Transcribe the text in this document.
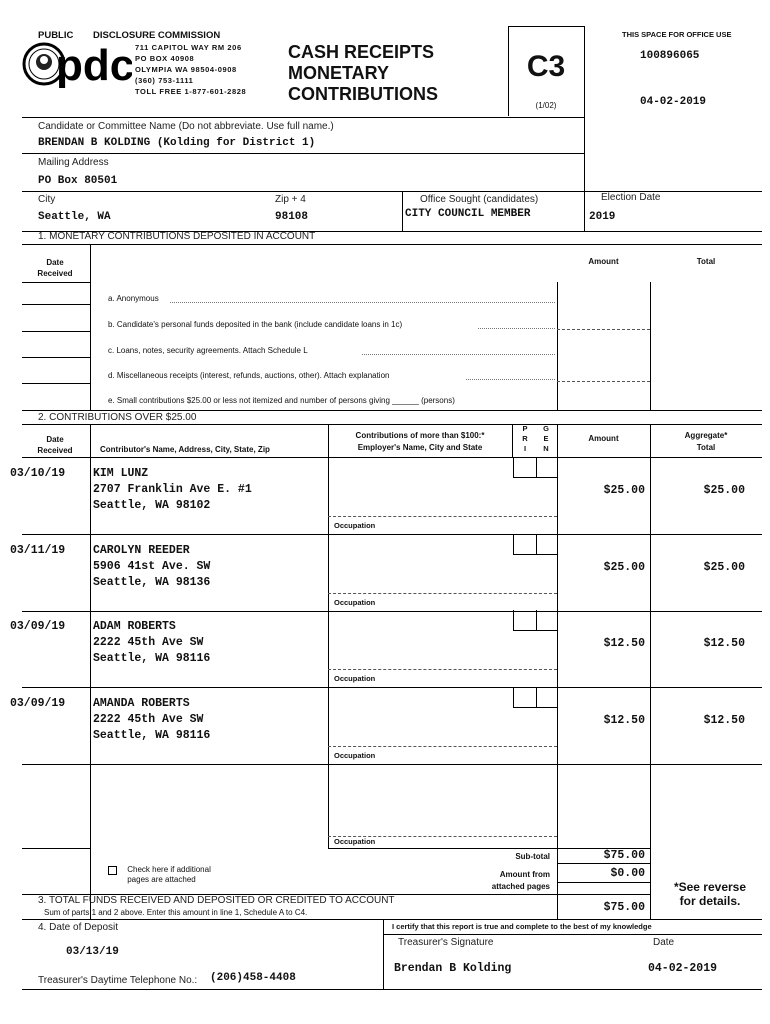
PUBLIC DISCLOSURE COMMISSION
pdc 711 CAPITOL WAY RM 206
PO BOX 40908
OLYMPIA WA 98504-0908
(360) 753-1111
TOLL FREE 1-877-601-2828
CASH RECEIPTS
MONETARY
CONTRIBUTIONS
C3
(1/02)
THIS SPACE FOR OFFICE USE
100896065
04-02-2019
Candidate or Committee Name (Do not abbreviate. Use full name.)
BRENDAN B KOLDING (Kolding for District 1)
Mailing Address
PO Box 80501
City
Seattle, WA
Zip + 4
98108
Office Sought (candidates)
CITY COUNCIL MEMBER
Election Date
2019
1. MONETARY CONTRIBUTIONS DEPOSITED IN ACCOUNT
Date
Received
Amount	Total
a. Anonymous
b. Candidate's personal funds deposited in the bank (include candidate loans in 1c)
c. Loans, notes, security agreements. Attach Schedule L
d. Miscellaneous receipts (interest, refunds, auctions, other). Attach explanation
e. Small contributions $25.00 or less not itemized and number of persons giving ______ (persons)
2. CONTRIBUTIONS OVER $25.00
Date
Received	Contributor's Name, Address, City, State, Zip
Contributions of more than $100:*
Employer's Name, City and State
P R I
G E N
Amount	Aggregate*
Total
03/10/19 KIM LUNZ
2707 Franklin Ave E. #1
Seattle, WA 98102
$25.00	$25.00
Occupation
03/11/19 CAROLYN REEDER
5906 41st Ave. SW
Seattle, WA 98136
$25.00	$25.00
Occupation
03/09/19 ADAM ROBERTS
2222 45th Ave SW
Seattle, WA 98116
$12.50	$12.50
Occupation
03/09/19 AMANDA ROBERTS
2222 45th Ave SW
Seattle, WA 98116
$12.50	$12.50
Occupation
Occupation

Check here if additional
pages are attached
Sub-total	$75.00
Amount from
attached pages
$0.00
*See reverse
for details.
3. TOTAL FUNDS RECEIVED AND DEPOSITED OR CREDITED TO ACCOUNT
Sum of parts 1 and 2 above. Enter this amount in line 1, Schedule A to C4.	$75.00
4. Date of Deposit
03/13/19
I certify that this report is true and complete to the best of my knowledge
Treasurer's Signature	Date
Brendan B Kolding	04-02-2019
Treasurer's Daytime Telephone No.: (206)458-4408
